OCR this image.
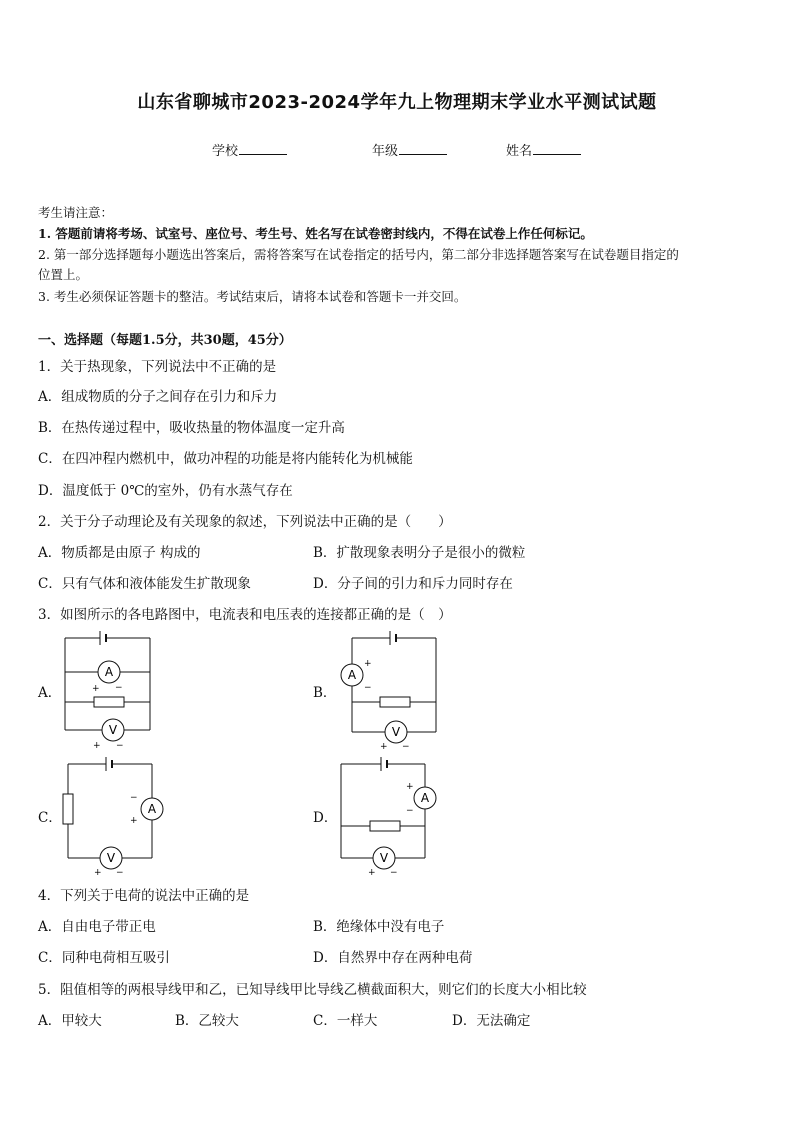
山东省聊城市2023-2024学年九上物理期末学业水平测试试题
学校	年级	姓名
考生请注意：
1. 答题前请将考场、试室号、座位号、考生号、姓名写在试卷密封线内，不得在试卷上作任何标记。
2. 第一部分选择题每小题选出答案后，需将答案写在试卷指定的括号内，第二部分非选择题答案写在试卷题目指定的
位置上。
3. 考生必须保证答题卡的整洁。考试结束后，请将本试卷和答题卡一并交回。
一、选择题（每题1.5分，共30题，45分）
1．关于热现象，下列说法中不正确的是
A．组成物质的分子之间存在引力和斥力
B．在热传递过程中，吸收热量的物体温度一定升高
C．在四冲程内燃机中，做功冲程的功能是将内能转化为机械能
D．温度低于 0℃的室外，仍有水蒸气存在
2．关于分子动理论及有关现象的叙述，下列说法中正确的是（　　）
A．物质都是由原子 构成的	B．扩散现象表明分子是很小的微粒
C．只有气体和液体能发生扩散现象	D．分子间的引力和斥力同时存在
3．如图所示的各电路图中，电流表和电压表的连接都正确的是（　）
A．	B．
C．	D．
A
V
+ −
+ −
A
V
+
−
+ −
A
V
−
+
+ −
A
V
+
−
+ −
4．下列关于电荷的说法中正确的是
A．自由电子带正电	B．绝缘体中没有电子
C．同种电荷相互吸引	D．自然界中存在两种电荷
5．阻值相等的两根导线甲和乙，已知导线甲比导线乙横截面积大，则它们的长度大小相比较
A．甲较大	B．乙较大	C．一样大	D．无法确定
